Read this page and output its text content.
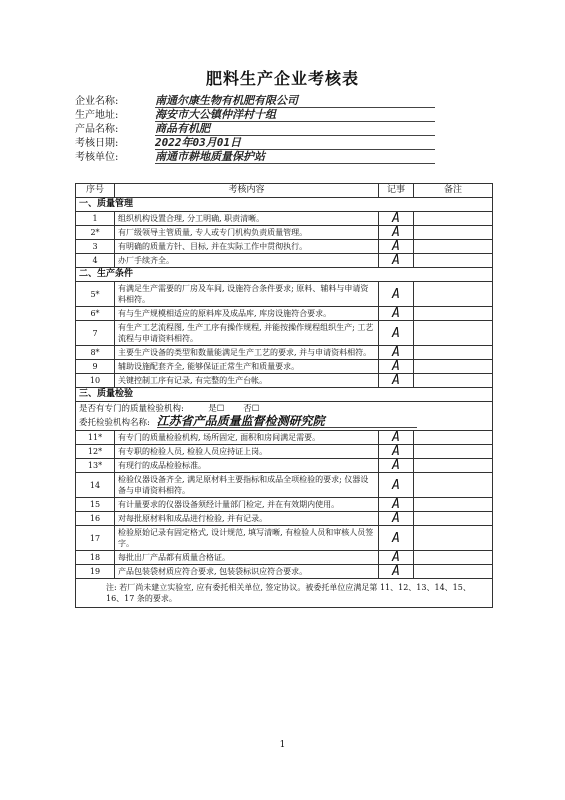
肥料生产企业考核表
企业名称:	南通尔康生物有机肥有限公司
生产地址:	海安市大公镇仲洋村十组
产品名称:	商品有机肥
考核日期:	2022年03月01日
考核单位:	南通市耕地质量保护站
序号	考核内容	记事	备注
一、质量管理			
1	组织机构设置合理, 分工明确, 职责清晰。	A	
2*	有厂级领导主管质量, 专人或专门机构负责质量管理。	A	
3	有明确的质量方针、目标, 并在实际工作中贯彻执行。	A	
4	办厂手续齐全。	A	
二、生产条件			
5*	有满足生产需要的厂房及车间, 设施符合条件要求; 原料、辅料与申请资料相符。	A	
6*	有与生产规模相适应的原料库及成品库, 库房设施符合要求。	A	
7	有生产工艺流程图, 生产工序有操作规程, 并能按操作规程组织生产; 工艺流程与申请资料相符。	A	
8*	主要生产设备的类型和数量能满足生产工艺的要求, 并与申请资料相符。	A	
9	辅助设施配套齐全, 能够保证正常生产和质量要求。	A	
10	关键控制工序有记录, 有完整的生产台帐。	A	
三、质量检验			
是否有专门的质量检验机构: 是☐ 否☐
委托检验机构名称: 江苏省产品质量监督检测研究院			
11*	有专门的质量检验机构, 场所固定, 面积和房间满足需要。	A	
12*	有专职的检验人员, 检验人员应持证上岗。	A	
13*	有现行的成品检验标准。	A	
14	检验仪器设备齐全, 满足原材料主要指标和成品全项检验的要求; 仪器设备与申请资料相符。	A	
15	有计量要求的仪器设备须经计量部门检定, 并在有效期内使用。	A	
16	对每批原材料和成品进行检验, 并有记录。	A	
17	检验原始记录有固定格式, 设计规范, 填写清晰, 有检验人员和审核人员签字。	A	
18	每批出厂产品都有质量合格证。	A	
19	产品包装袋材质应符合要求, 包装袋标识应符合要求。	A	
注: 若厂尚未建立实验室, 应有委托相关单位, 签定协议。被委托单位应满足第 11、12、13、14、15、16、17 条的要求。			
1
